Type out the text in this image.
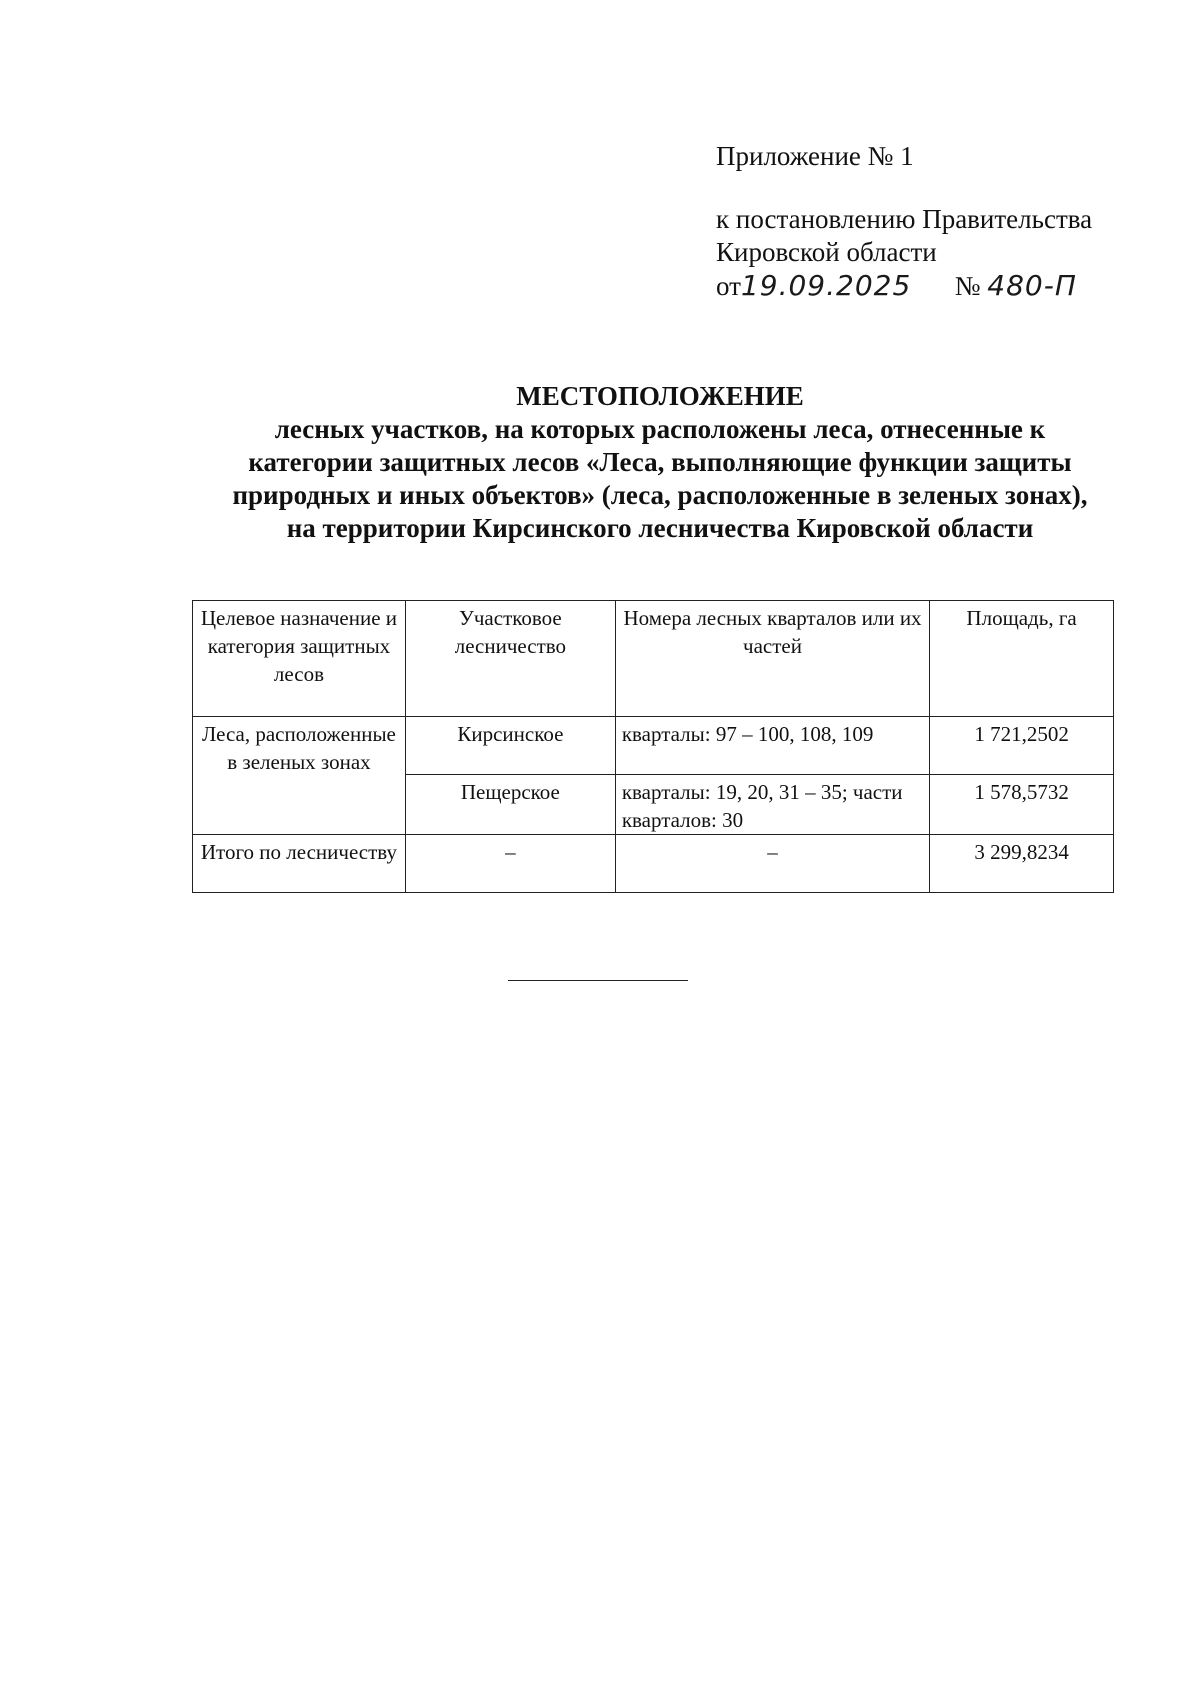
Приложение № 1
к постановлению Правительства
Кировской области
от19.09.2025 № 480-П
МЕСТОПОЛОЖЕНИЕ
лесных участков, на которых расположены леса, отнесенные к
категории защитных лесов «Леса, выполняющие функции защиты
природных и иных объектов» (леса, расположенные в зеленых зонах),
на территории Кирсинского лесничества Кировской области
Целевое назначение и категория защитных лесов	Участковое лесничество	Номера лесных кварталов или их частей	Площадь, га
Леса, расположенные в зеленых зонах	Кирсинское	кварталы: 97 – 100, 108, 109	1 721,2502
	Пещерское	кварталы: 19, 20, 31 – 35; части кварталов: 30	1 578,5732
Итого по лесничеству	–	–	3 299,8234
